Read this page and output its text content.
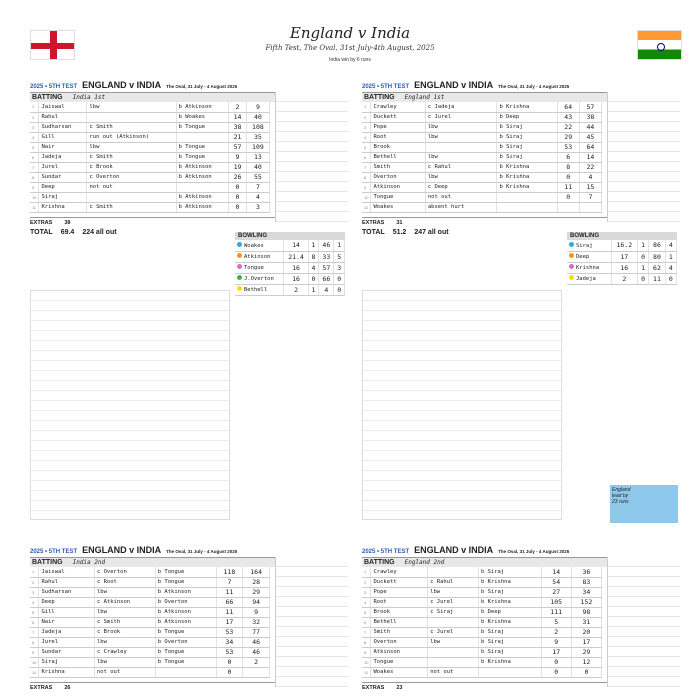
England v India
Fifth Test, The Oval, 31st July-4th August, 2025
India win by 6 runs
2025 • 5TH TEST ENGLAND v INDIA The Oval, 31 July - 4 August 2025
BATTING India 1st
1	Jaiswal	lbw	b Atkinson	2	9
2	Rahul		b Woakes	14	40
3	Sudharsan	c Smith	b Tongue	38	108
4	Gill	run out (Atkinson)		21	35
5	Nair	lbw	b Tongue	57	109
6	Jadeja	c Smith	b Tongue	9	13
7	Jurel	c Brook	b Atkinson	19	40
8	Sundar	c Overton	b Atkinson	26	55
9	Deep	not out		0	7
10	Siraj		b Atkinson	0	4
11	Krishna	c Smith	b Atkinson	0	3
EXTRAS 38
TOTAL 69.4 224 all out
BOWLING
Woakes	14	1	46	1
Atkinson	21.4	8	33	5
Tongue	16	4	57	3
J.Overton	16	0	66	0
Bethell	2	1	4	0
2025 • 5TH TEST ENGLAND v INDIA The Oval, 31 July - 4 August 2025
BATTING England 1st
1	Crawley	c Jadeja	b Krishna	64	57
2	Duckett	c Jurel	b Deep	43	38
3	Pope	lbw	b Siraj	22	44
4	Root	lbw	b Siraj	29	45
5	Brook		b Siraj	53	64
6	Bethell	lbw	b Siraj	6	14
7	Smith	c Rahul	b Krishna	8	22
8	Overton	lbw	b Krishna	0	4
9	Atkinson	c Deep	b Krishna	11	15
10	Tongue	not out		0	7
11	Woakes	absent hurt			
EXTRAS 31
TOTAL 51.2 247 all out
BOWLING
Siraj	16.2	1	86	4
Deep	17	0	80	1
Krishna	16	1	62	4
Jadeja	2	0	11	0
England
lead by
23 runs
2025 • 5TH TEST ENGLAND v INDIA The Oval, 31 July - 4 August 2025
BATTING India 2nd
1	Jaiswal	c Overton	b Tongue	118	164
2	Rahul	c Root	b Tongue	7	28
3	Sudharsan	lbw	b Atkinson	11	29
4	Deep	c Atkinson	b Overton	66	94
5	Gill	lbw	b Atkinson	11	9
6	Nair	c Smith	b Atkinson	17	32
7	Jadeja	c Brook	b Tongue	53	77
8	Jurel	lbw	b Overton	34	46
9	Sundar	c Crawley	b Tongue	53	46
10	Siraj	lbw	b Tongue	0	2
11	Krishna	not out		0	
EXTRAS 26
2025 • 5TH TEST ENGLAND v INDIA The Oval, 31 July - 4 August 2025
BATTING England 2nd
1	Crawley		b Siraj	14	36
2	Duckett	c Rahul	b Krishna	54	83
3	Pope	lbw	b Siraj	27	34
4	Root	c Jurel	b Krishna	105	152
5	Brook	c Siraj	b Deep	111	98
6	Bethell		b Krishna	5	31
7	Smith	c Jurel	b Siraj	2	20
8	Overton	lbw	b Siraj	9	17
9	Atkinson		b Siraj	17	29
10	Tongue		b Krishna	0	12
11	Woakes	not out		0	0
EXTRAS 23
